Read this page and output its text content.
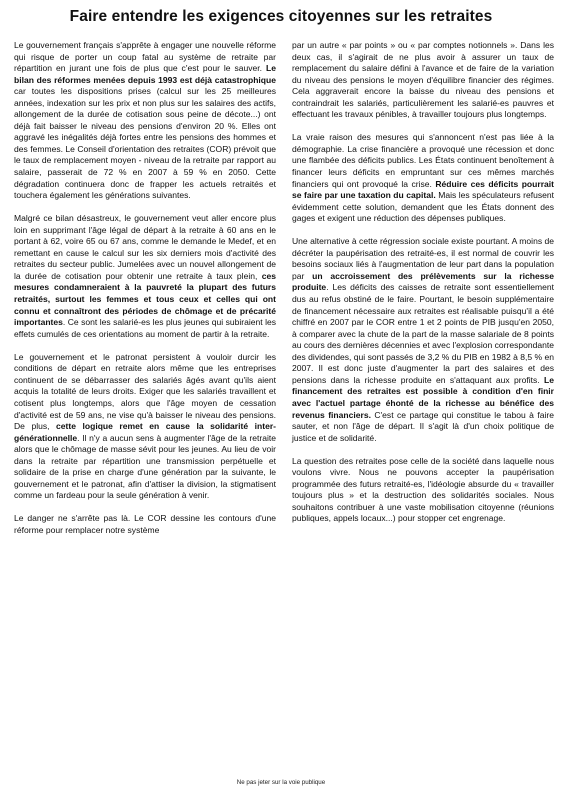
Faire entendre les exigences citoyennes sur les retraites

Le gouvernement français s'apprête à engager une nouvelle réforme qui risque de porter un coup fatal au système de retraite par répartition en jurant une fois de plus que c'est pour le sauver. Le bilan des réformes menées depuis 1993 est déjà catastrophique car toutes les dispositions prises (calcul sur les 25 meilleures années, indexation sur les prix et non plus sur les salaires des actifs, allongement de la durée de cotisation sous peine de décote...) ont déjà fait baisser le niveau des pensions d'environ 20 %. Elles ont aggravé les inégalités déjà fortes entre les pensions des hommes et des femmes. Le Conseil d'orientation des retraites (COR) prévoit que le taux de remplacement moyen - niveau de la retraite par rapport au salaire, passerait de 72 % en 2007 à 59 % en 2050. Cette dégradation continuera donc de frapper les actuels retraités et touchera également les générations suivantes.

Malgré ce bilan désastreux, le gouvernement veut aller encore plus loin en supprimant l'âge légal de départ à la retraite à 60 ans en le portant à 62, voire 65 ou 67 ans, comme le demande le Medef, et en remettant en cause le calcul sur les six derniers mois d'activité des retraites du secteur public. Jumelées avec un nouvel allongement de la durée de cotisation pour obtenir une retraite à taux plein, ces mesures condamneraient à la pauvreté la plupart des futurs retraités, surtout les femmes et tous ceux et celles qui ont connu et connaîtront des périodes de chômage et de précarité importantes. Ce sont les salarié-es les plus jeunes qui subiraient les effets cumulés de ces orientations au moment de partir à la retraite.

Le gouvernement et le patronat persistent à vouloir durcir les conditions de départ en retraite alors même que les entreprises continuent de se débarrasser des salariés âgés avant qu'ils aient acquis la totalité de leurs droits. Exiger que les salariés travaillent et cotisent plus longtemps, alors que l'âge moyen de cessation d'activité est de 59 ans, ne vise qu'à baisser le niveau des pensions. De plus, cette logique remet en cause la solidarité inter-générationnelle. Il n'y a aucun sens à augmenter l'âge de la retraite alors que le chômage de masse sévit pour les jeunes. Au lieu de voir dans la retraite par répartition une transmission perpétuelle et solidaire de la prise en charge d'une génération par la suivante, le gouvernement et le patronat, afin d'attiser la division, la stigmatisent comme un fardeau pour la seule génération à venir.

Le danger ne s'arrête pas là. Le COR dessine les contours d'une réforme pour remplacer notre système

par un autre « par points » ou « par comptes notionnels ». Dans les deux cas, il s'agirait de ne plus avoir à assurer un taux de remplacement du salaire défini à l'avance et de faire de la variation du niveau des pensions le moyen d'équilibre financier des régimes. Cela aggraverait encore la baisse du niveau des pensions et contraindrait les salariés, particulièrement les salarié-es pauvres et effectuant les travaux pénibles, à travailler toujours plus longtemps.

La vraie raison des mesures qui s'annoncent n'est pas liée à la démographie. La crise financière a provoqué une récession et donc une flambée des déficits publics. Les États continuent benoîtement à financer leurs déficits en empruntant sur ces mêmes marchés financiers qui ont provoqué la crise. Réduire ces déficits pourrait se faire par une taxation du capital. Mais les spéculateurs refusent évidemment cette solution, demandent que les États donnent des gages et exigent une réduction des dépenses publiques.

Une alternative à cette régression sociale existe pourtant. A moins de décréter la paupérisation des retraité-es, il est normal de couvrir les besoins sociaux liés à l'augmentation de leur part dans la population par un accroissement des prélèvements sur la richesse produite. Les déficits des caisses de retraite sont essentiellement dus au refus obstiné de le faire. Pourtant, le besoin supplémentaire de financement nécessaire aux retraites est réalisable puisqu'il a été chiffré en 2007 par le COR entre 1 et 2 points de PIB jusqu'en 2050, à comparer avec la chute de la part de la masse salariale de 8 points au cours des dernières décennies et avec l'explosion correspondante des dividendes, qui sont passés de 3,2 % du PIB en 1982 à 8,5 % en 2007. Il est donc juste d'augmenter la part des salaires et des pensions dans la richesse produite en s'attaquant aux profits. Le financement des retraites est possible à condition d'en finir avec l'actuel partage éhonté de la richesse au bénéfice des revenus financiers. C'est ce partage qui constitue le tabou à faire sauter, et non l'âge de départ. Il s'agit là d'un choix politique de justice et de solidarité.

La question des retraites pose celle de la société dans laquelle nous voulons vivre. Nous ne pouvons accepter la paupérisation programmée des futurs retraité-es, l'idéologie absurde du « travailler toujours plus » et la destruction des solidarités sociales. Nous souhaitons contribuer à une vaste mobilisation citoyenne (réunions publiques, appels locaux...) pour stopper cet engrenage.

Ne pas jeter sur la voie publique
